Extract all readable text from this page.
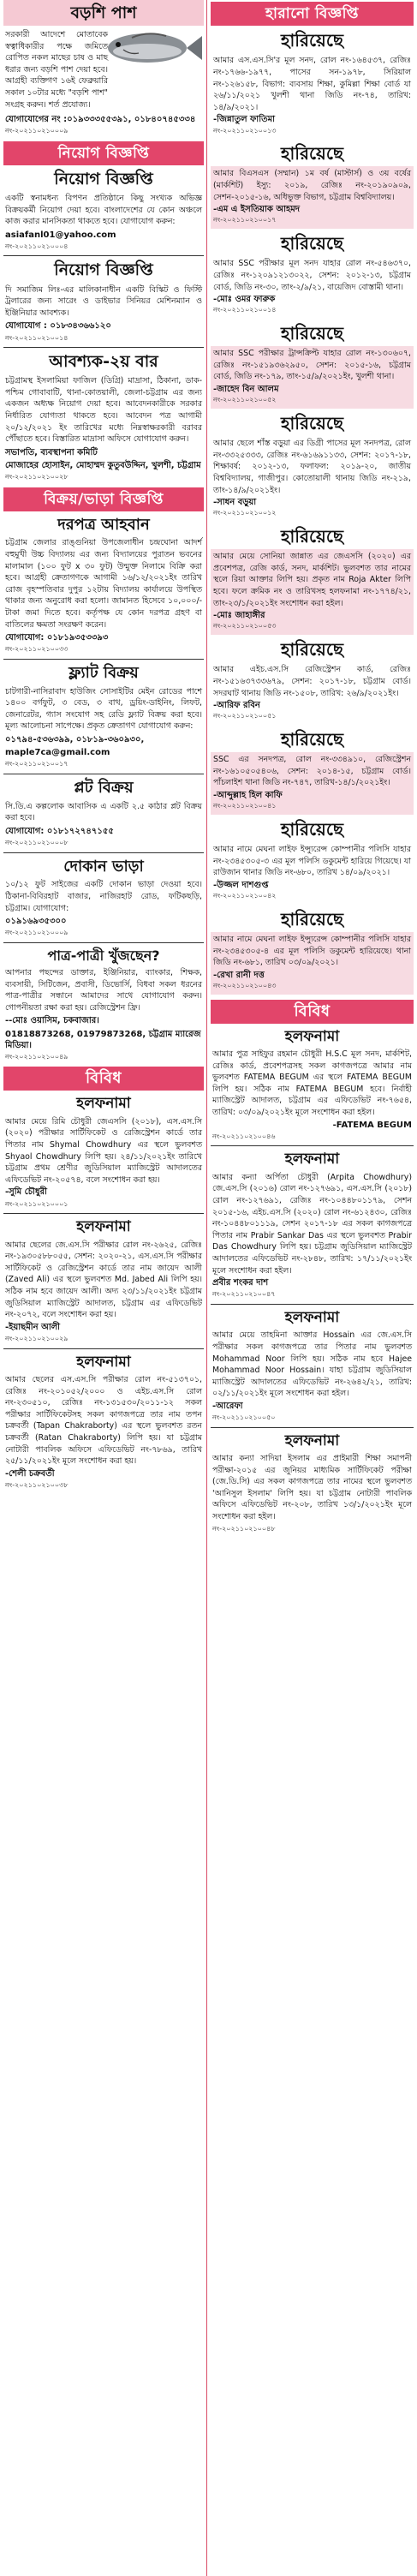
বড়শি পাশ
সরকারী আদেশে মোতাবেক স্বত্বাধিকারীর পক্ষে জমিতে রোপিত নকল মাছের চাষ ও মাছ ধরার জন্য বড়শি পাশ দেয়া হবে। আগ্রহী ব্যক্তিগণ ১৬ই ফেব্রুয়ারি সকাল ১০টার মধ্যে "বড়শি পাশ" সংগ্রহ করুন। শর্ত প্রযোজ্য।
যোগাযোগের নং :০১৯৩৩৩৫৫৩৯১, ০১৮৪০৭৪৫৩৩৪
নং-২০২১১০২১০০০৯
নিয়োগ বিজ্ঞপ্তি
নিয়োগ বিজ্ঞপ্তি
একটি স্বনামধন্য বিপণন প্রতিষ্ঠানে কিছু সংখ্যক অভিজ্ঞ বিক্রয়কর্মী নিয়োগ দেয়া হবে। বাংলাদেশের যে কোন অঞ্চলে কাজ করার মানসিকতা থাকতে হবে। যোগাযোগ করুন:
asiafanl01@yahoo.com
নং-২০২১১০২১০০০৪
নিয়োগ বিজ্ঞপ্তি
দি সমাজিম লিঃ-এর মালিকানাধীন একটি বিস্কিট ও ফিস্টি ট্রলারের জন্য সারেং ও ডাইভার সিনিয়র মেশিনম্যান ও ইঞ্জিনিয়ার আবশ্যক।
যোগাযোগ : ০১৮৩৪৩৬৬১২০
নং-২০২১১০২১০০১৪
আবশ্যক-২য় বার
চট্টগ্রামস্থ ইসলামিয়া ফাজিল (ডিগ্রি) মাদ্রাসা, ঠিকানা, ডাক-পশ্চিম গোবাবাটি, থানা-কোতয়ালী, জেলা-চট্টগ্রাম এর জন্য একজন অধ্যক্ষ নিয়োগ দেয়া হবে। আবেদনকারীকে সরকার নির্ধারিত যোগ্যতা থাকতে হবে। আবেদন পত্র আগামী ২০/১২/২০২১ ইং তারিখের মধ্যে নিম্নস্বাক্ষরকারী বরাবর পৌঁছাতে হবে। বিস্তারিত মাদ্রাসা অফিসে যোগাযোগ করুন।
সভাপতি, ব্যবস্থাপনা কমিটি
মোজাহের হোসাইন, মোহাম্মদ কুতুবউদ্দিন, খুলশী, চট্টগ্রাম
নং-২০২১১০২১০০২৮
বিক্রয়/ভাড়া বিজ্ঞপ্তি
দরপত্র আহবান
চট্টগ্রাম জেলার রাঙ্গুনিয়া উপজেলাধীন চন্দ্রঘোনা আদর্শ বহুমুখী উচ্চ বিদ্যালয় এর জন্য বিদ্যালয়ের পুরাতন ভবনের মালামাল (১০০ ফুট x ৩০ ফুট) উন্মুক্ত নিলামে বিক্রি করা হবে। আগ্রহী ক্রেতাগণকে আগামী ১৬/১২/২০২১ইং তারিখ রোজ বৃহস্পতিবার দুপুর ১২টায় বিদ্যালয় কার্যালয়ে উপস্থিত থাকার জন্য অনুরোধ করা হলো। জামানত হিসেবে ১০,০০০/- টাকা জমা দিতে হবে। কর্তৃপক্ষ যে কোন দরপত্র গ্রহণ বা বাতিলের ক্ষমতা সংরক্ষণ করেন।
যোগাযোগ: ০১৮১৯৩৫৩৩৯৩
নং-২০২১১০২১০০৩৩
ফ্ল্যাট বিক্রয়
চাটগারী-নাসিরাবাদ হাউজিং সোসাইটির মেইন রোডের পাশে ১৪০০ বর্গফুট, ৩ বেড, ৩ বাথ, ড্রয়িং-ডাইনিং, লিফট, জেনারেটর, গ্যাস সংযোগ সহ রেডি ফ্ল্যাট বিক্রয় করা হবে। মূল্য আলোচনা সাপেক্ষে। প্রকৃত ক্রেতাগণ যোগাযোগ করুন:
০১৭৯৪-৫৩৬৩৯৯, ০১৮১৯-৩৬০৯৩০,
maple7ca@gmail.com
নং-২০২১১০২১০০১৭
প্লট বিক্রয়
সি.ডি.এ কল্পলোক আবাসিক এ একটি ২.৫ কাঠার প্লট বিক্রয় করা হবে।
যোগাযোগ: ০১৮১৭২৭৪৭১৫৫
নং-২০২১১০২১০০০৮
দোকান ভাড়া
১০/১২ ফুট সাইজের একটি দোকান ভাড়া দেওয়া হবে। ঠিকানা-বিবিরহাট বাজার, নাজিরহাট রোড, ফটিকছড়ি, চট্টগ্রাম। যোগাযোগ:
০১৯১৬৯৩৫৩০০
নং-২০২১১০২১০০০৯
পাত্র-পাত্রী খুঁজছেন?
আপনার পছন্দের ডাক্তার, ইঞ্জিনিয়ার, ব্যাংকার, শিক্ষক, ব্যবসায়ী, সিটিজেন, প্রবাসী, ডিভোর্সি, বিধবা সকল ধরনের পাত্র-পাত্রীর সন্ধানে আমাদের সাথে যোগাযোগ করুন। গোপনীয়তা রক্ষা করা হয়। রেজিস্ট্রেশন ফ্রি।
--মোঃ ওয়াসিম, চকবাজার।
01818873268, 01979873268, চট্টগ্রাম ম্যারেজ মিডিয়া।
নং-২০২১১০২১০০৪৯
বিবিধ
হলফনামা
আমার মেয়ে রিমি চৌধুরী জেএসসি (২০১৮), এস.এস.সি (২০২০) পরীক্ষার সার্টিফিকেট ও রেজিস্ট্রেশন কার্ডে তার পিতার নাম Shymal Chowdhury এর স্থলে ভুলবশত Shyaol Chowdhury লিপি হয়। ২৪/১১/২০২১ইং তারিখে চট্টগ্রাম প্রথম শ্রেণীর জুডিসিয়াল ম্যাজিস্ট্রেট আদালতের এফিডেভিট নং-২০৫৭৪, বলে সংশোধন করা হয়।
-সুমি চৌধুরী
নং-২০২১১০২১০০০১
হলফনামা
আমার ছেলের জে.এস.সি পরীক্ষার রোল নং-২৬২৫, রেজিঃ নং-১৯৩০৫৮৮০৫৫, সেশন: ২০২০-২১, এস.এস.সি পরীক্ষার সার্টিফিকেট ও রেজিস্ট্রেশন কার্ডে তার নাম জায়েদ আলী (Zaved Ali) এর স্থলে ভুলবশত Md. Jabed Ali লিপি হয়। সঠিক নাম হবে জায়েদ আলী। অদ্য ২৩/১১/২০২১ইং চট্টগ্রাম জুডিসিয়াল ম্যাজিস্ট্রেট আদালত, চট্টগ্রাম এর এফিডেভিট নং-২০৭২, বলে সংশোধন করা হয়।
-ইয়াছমীন আলী
নং-২০২১১০২১০০২৯
হলফনামা
আমার ছেলের এস.এস.সি পরীক্ষার রোল নং-৫১৩৭০১, রেজিঃ নং-২০১০৫২/২০০০ ও এইচ.এস.সি রোল নং-২৩০৫১০, রেজিঃ নং-১৩১৫৩০/২০১১-১২ সকল পরীক্ষার সার্টিফিকেটসহ সকল কাগজপত্রে তার নাম তপন চক্রবর্তী (Tapan Chakraborty) এর স্থলে ভুলবশত রতন চক্রবর্তী (Ratan Chakraborty) লিপি হয়। যা চট্টগ্রাম নোটারী পাবলিক অফিসে এফিডেভিট নং-৭৮৬৯, তারিখ ২৫/১১/২০২১ইং মূলে সংশোধন করা হয়।
-শেলী চক্রবর্তী
নং-২০২১১০২১০০৩৮
হারানো বিজ্ঞপ্তি
হারিয়েছে
আমার এস.এস.সি'র মূল সনদ, রোল নং-১৬৪৫৩৭, রেজিঃ নং-১৭৬৬-১৯৭৭, পাসের সন-১৯৭৮, সিরিয়াল নং-১২৬১৫৮, বিভাগ: ব্যবসায় শিক্ষা, কুমিল্লা শিক্ষা বোর্ড যা ২৬/১১/২০২১ খুলশী থানা জিডি নং-৭৪, তারিখ: ১৪/৯/২০২১।
-জিন্নাতুল ফাতিমা
নং-২০২১১০২১০০১৩
হারিয়েছে
আমার বিএসএস (সম্মান) ১ম বর্ষ (মাস্টার্স) ও ৩য় বর্ষের (মার্কশিট) ইস্যু: ২০১৯, রেজিঃ নং-২০১৯০৯০৯, সেশন-২০১৫-১৬, অধিভুক্ত বিভাগ, চট্টগ্রাম বিশ্ববিদ্যালয়।
-এম এ ইসতিয়াক আহমদ
নং-২০২১১০২১০০১৭
হারিয়েছে
আমার SSC পরীক্ষার মূল সনদ যাহার রোল নং-৫৪৬৩৭০, রেজিঃ নং-১২০৯১২১৩০২২, সেশন: ২০১২-১৩, চট্টগ্রাম বোর্ড, জিডি নং-৩০, তাং-২/৯/২১, বায়েজিদ বোস্তামী থানা।
-মোঃ ওমর ফারুক
নং-২০২১১০২১০০১৪
হারিয়েছে
আমার SSC পরীক্ষার ট্রান্সক্রিপ্ট যাহার রোল নং-১৩০৬০৭, রেজিঃ নং-১৫১৯৩৬২৯৫০, সেশন: ২০১৫-১৬, চট্টগ্রাম বোর্ড, জিডি নং-১৭৯, তাং-১৫/৯/২০২১ইং, খুলশী থানা।
-জাহেদ বিন আলম
নং-২০২১১০২১০০৫২
হারিয়েছে
আমার ছেলে শাঁস্ত বড়ুয়া এর ডিগ্রী পাসের মূল সনদপত্র, রোল নং-৩৩২৫৩৩৩, রেজিঃ নং-৬১৬৯১১৩৩, সেশন: ২০১৭-১৮, শিক্ষাবর্ষ: ২০১২-১৩, ফলাফল: ২০১৯-২০, জাতীয় বিশ্ববিদ্যালয়, গাজীপুর। কোতোয়ালী থানায় জিডি নং-২১৯, তাং-১৪/৯/২০২১ইং।
-সাধন বড়ুয়া
নং-২০২১১০২১০০১২
হারিয়েছে
আমার মেয়ে সোনিয়া জান্নাত এর জেএসসি (২০২০) এর প্রবেশপত্র, রেজি কার্ড, সনদ, মার্কশিট। ভুলবশত তার নামের স্থলে রিয়া আক্তার লিপি হয়। প্রকৃত নাম Roja Akter লিপি হবে। ফলে ক্রমিক নং ও তারিখসহ হলফনামা নং-১৭৭৪/২১, তাং-২৩/১/২০২১ইং সংশোধন করা হইল।
-মোঃ জাহাঙ্গীর
নং-২০২১১০২১০০৫৩
হারিয়েছে
আমার এইচ.এস.সি রেজিস্ট্রেশন কার্ড, রেজিঃ নং-১৫১৬৩৭৩৩৬৭৯, সেশন: ২০১৭-১৮, চট্টগ্রাম বোর্ড। সদরঘাট থানায় জিডি নং-১৫০৮, তারিখ: ২৬/৯/২০২১ইং।
-আরিফ রবিন
নং-২০২১১০২১০০৫১
হারিয়েছে
SSC এর সনদপত্র, রোল নং-৩৩৪৯১০, রেজিস্ট্রেশন নং-১৬১০৫০৫৪০৬, সেশন: ২০১৪-১৫, চট্টগ্রাম বোর্ড। পাঁচলাইশ থানা জিডি নং-৭৪৭, তারিখ-১৪/১/২০২১ইং।
-আব্দুল্লাহ হিল কাফি
নং-২০২১১০২১০০৪১
হারিয়েছে
আমার নামে মেঘনা লাইফ ইন্স্যুরেন্স কোম্পানীর পলিসি যাহার নং-২৩৪৫৩০৫-৩ এর মূল পলিসি ডকুমেন্ট হারিয়ে গিয়েছে। যা রাউজান থানার জিডি নং-৬৮০, তারিখ ১৪/০৯/২০২১।
-উজ্জল দাশগুপ্ত
নং-২০২১১০২১০০৪২
হারিয়েছে
আমার নামে মেঘনা লাইফ ইন্স্যুরেন্স কোম্পানীর পলিসি যাহার নং-২৩৪৫৩০৫-৪ এর মূল পলিসি ডকুমেন্ট হারিয়েছে। থানা জিডি নং-৬৮১, তারিখ ০৩/০৯/২০২১।
-রেখা রানী দত্ত
নং-২০২১১০২১০০৪৩
বিবিধ
হলফনামা
আমার পুত্র সাইফুর রহমান চৌধুরী H.S.C মূল সনদ, মার্কশিট, রেজিঃ কার্ড, প্রবেশপত্রসহ সকল কাগজপত্রে আমার নাম ভুলবশত FATEMA BEGUM এর স্থলে FATEMA BEGUM লিপি হয়। সঠিক নাম FATEMA BEGUM হবে। নির্বাহী ম্যাজিস্ট্রেট আদালত, চট্টগ্রাম এর এফিডেভিট নং-৭৬৫৪, তারিখ: ০৩/০৯/২০২১ইং মূলে সংশোধন করা হইল।
-FATEMA BEGUM
নং-২০২১১০২১০০৪৬
হলফনামা
আমার কন্যা অর্পিতা চৌধুরী (Arpita Chowdhury) জে.এস.সি (২০১৬) রোল নং-১২৭৬৯১, এস.এস.সি (২০১৮) রোল নং-১২৭৬৯১, রেজিঃ নং-১০৪৪৮০১১৭৯, সেশন ২০১৫-১৬, এইচ.এস.সি (২০২০) রোল নং-৬১২৪৩০, রেজিঃ নং-১০৪৪৮০১১১৯, সেশন ২০১৭-১৮ এর সকল কাগজপত্রে পিতার নাম Prabir Sankar Das এর স্থলে ভুলবশত Prabir Das Chowdhury লিপি হয়। চট্টগ্রাম জুডিসিয়াল ম্যাজিস্ট্রেট আদালতের এফিডেভিট নং-২৮৪৮, তারিখ: ১৭/১১/২০২১ইং মূলে সংশোধন করা হইল।
প্রবীর শংকর দাশ
নং-২০২১১০২১০০৪৭
হলফনামা
আমার মেয়ে তাহমিনা আক্তার Hossain এর জে.এস.সি পরীক্ষার সকল কাগজপত্রে তার পিতার নাম ভুলবশত Mohammad Noor লিপি হয়। সঠিক নাম হবে Hajee Mohammad Noor Hossain। যাহা চট্টগ্রাম জুডিসিয়াল ম্যাজিস্ট্রেট আদালতের এফিডেভিট নং-২৬৪২/২১, তারিখ: ০২/১১/২০২১ইং মূলে সংশোধন করা হইল।
-আরেফা
নং-২০২১১০২১০০৫০
হলফনামা
আমার কন্যা সাদিয়া ইসলাম এর প্রাইমারী শিক্ষা সমাপনী পরীক্ষা-২০১৫ এর জুনিয়র মাধ্যমিক সার্টিফিকেট পরীক্ষা (জে.ডি.সি) এর সকল কাগজপত্রে তার নামের স্থলে ভুলবশত 'আনিসুল ইসলাম' লিপি হয়। যা চট্টগ্রাম নোটারী পাবলিক অফিসে এফিডেভিট নং-২০৮, তারিখ ১৩/১/২০২১ইং মূলে সংশোধন করা হইল।
নং-২০২১১০২১০০৪৮
